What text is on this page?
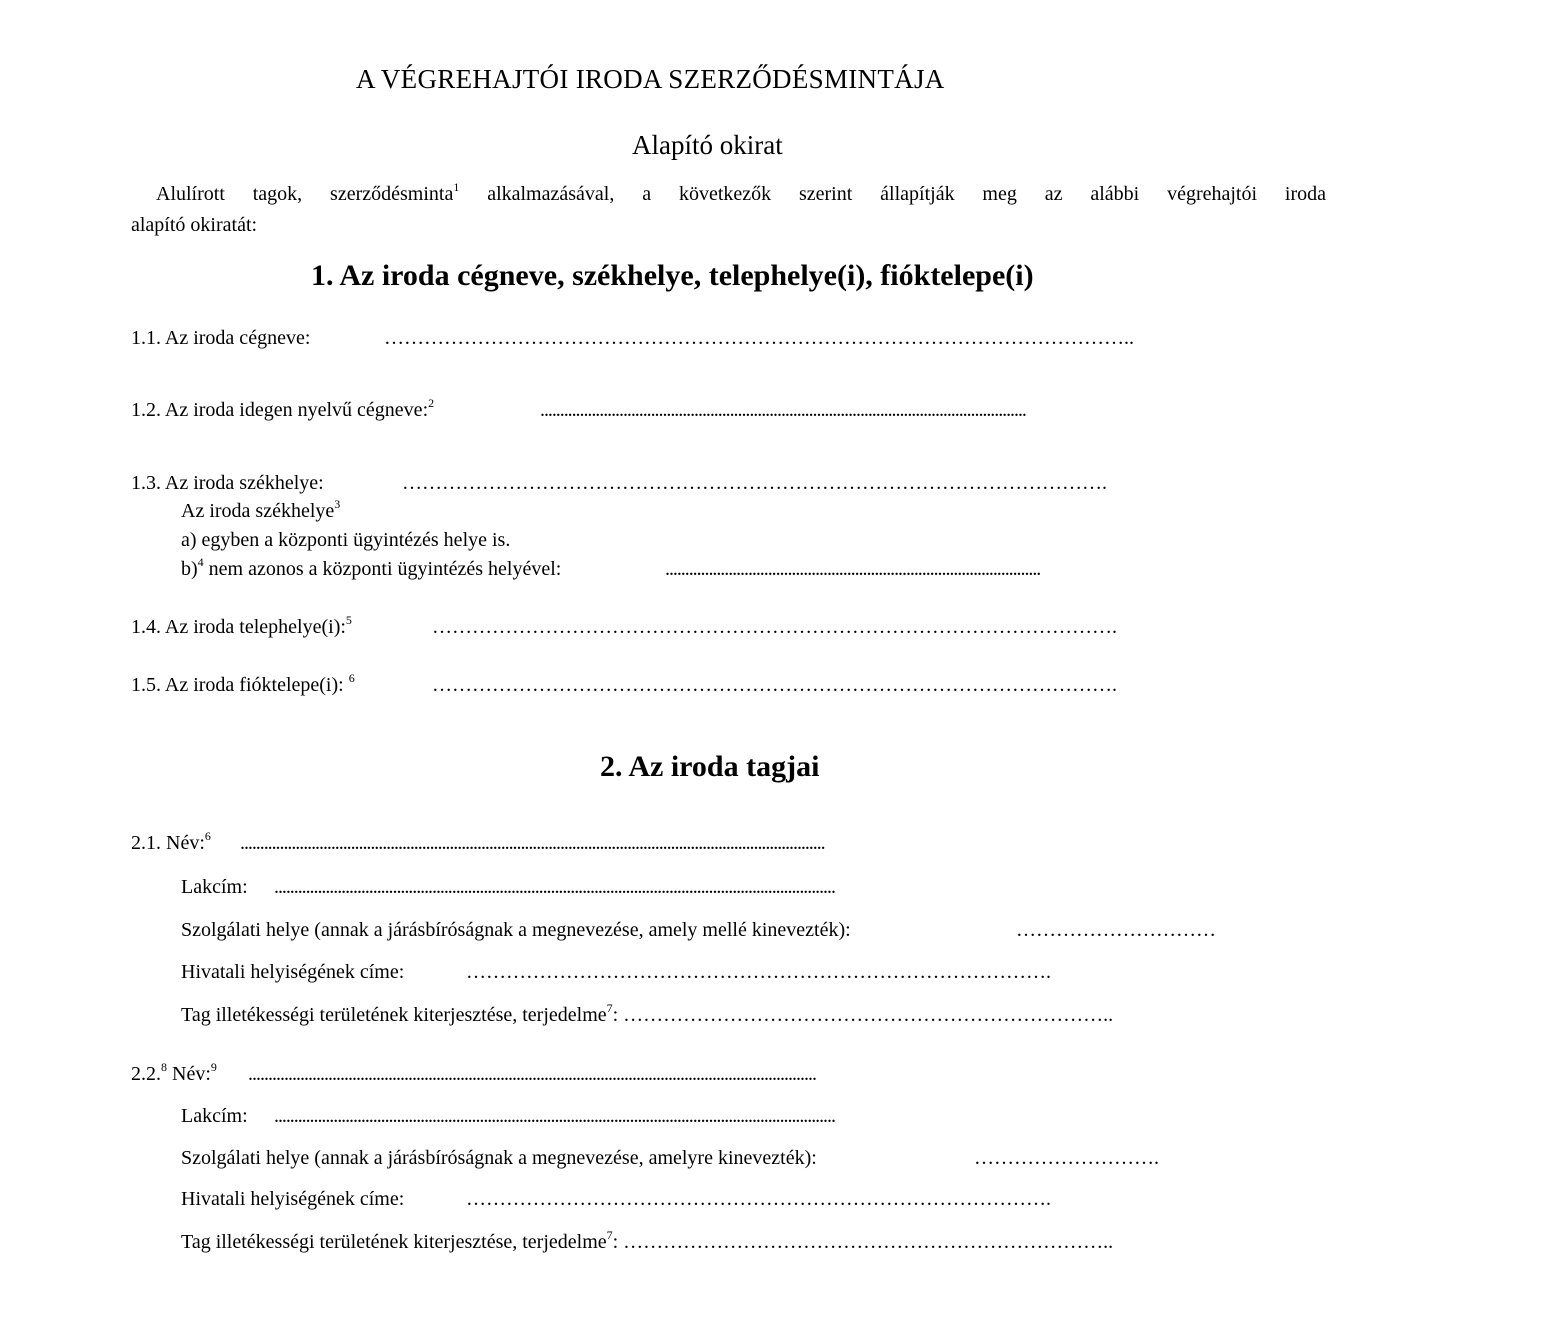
A VÉGREHAJTÓI IRODA SZERZŐDÉSMINTÁJA
Alapító okirat
Alulírott tagok, szerződésminta$^1$ alkalmazásával, a következők szerint állapítják meg az alábbi végrehajtói iroda
alapító okiratát:
1. Az iroda cégneve, székhelye, telephelye(i), fióktelepe(i)
1.1. Az iroda cégneve:	…………………………………………………………………………………………………..
1.2. Az iroda idegen nyelvű cégneve:$^2$	...........................................................................................................................
1.3. Az iroda székhelye:	…………………………………………………………………………………………….
Az iroda székhelye$^3$
a) egyben a központi ügyintézés helye is.
b)$^4$ nem azonos a központi ügyintézés helyével:	...............................................................................................
1.4. Az iroda telephelye(i):$^5$	………………………………………………………………………………………….
1.5. Az iroda fióktelepe(i): $^6$	………………………………………………………………………………………….
2. Az iroda tagjai
2.1. Név:$^6$ ....................................................................................................................................................
Lakcím: ..............................................................................................................................................
Szolgálati helye (annak a járásbíróságnak a megnevezése, amely mellé kinevezték):	…………………………
Hivatali helyiségének címe:	…………………………………………………………………………….
Tag illetékességi területének kiterjesztése, terjedelme$^7$: ………………………………………………………………..
2.2.$^8$ Név:$^9$ ..............................................................................................................................................
Lakcím: ..............................................................................................................................................
Szolgálati helye (annak a járásbíróságnak a megnevezése, amelyre kinevezték):	……………………….
Hivatali helyiségének címe:	…………………………………………………………………………….
Tag illetékességi területének kiterjesztése, terjedelme$^7$: ………………………………………………………………..
